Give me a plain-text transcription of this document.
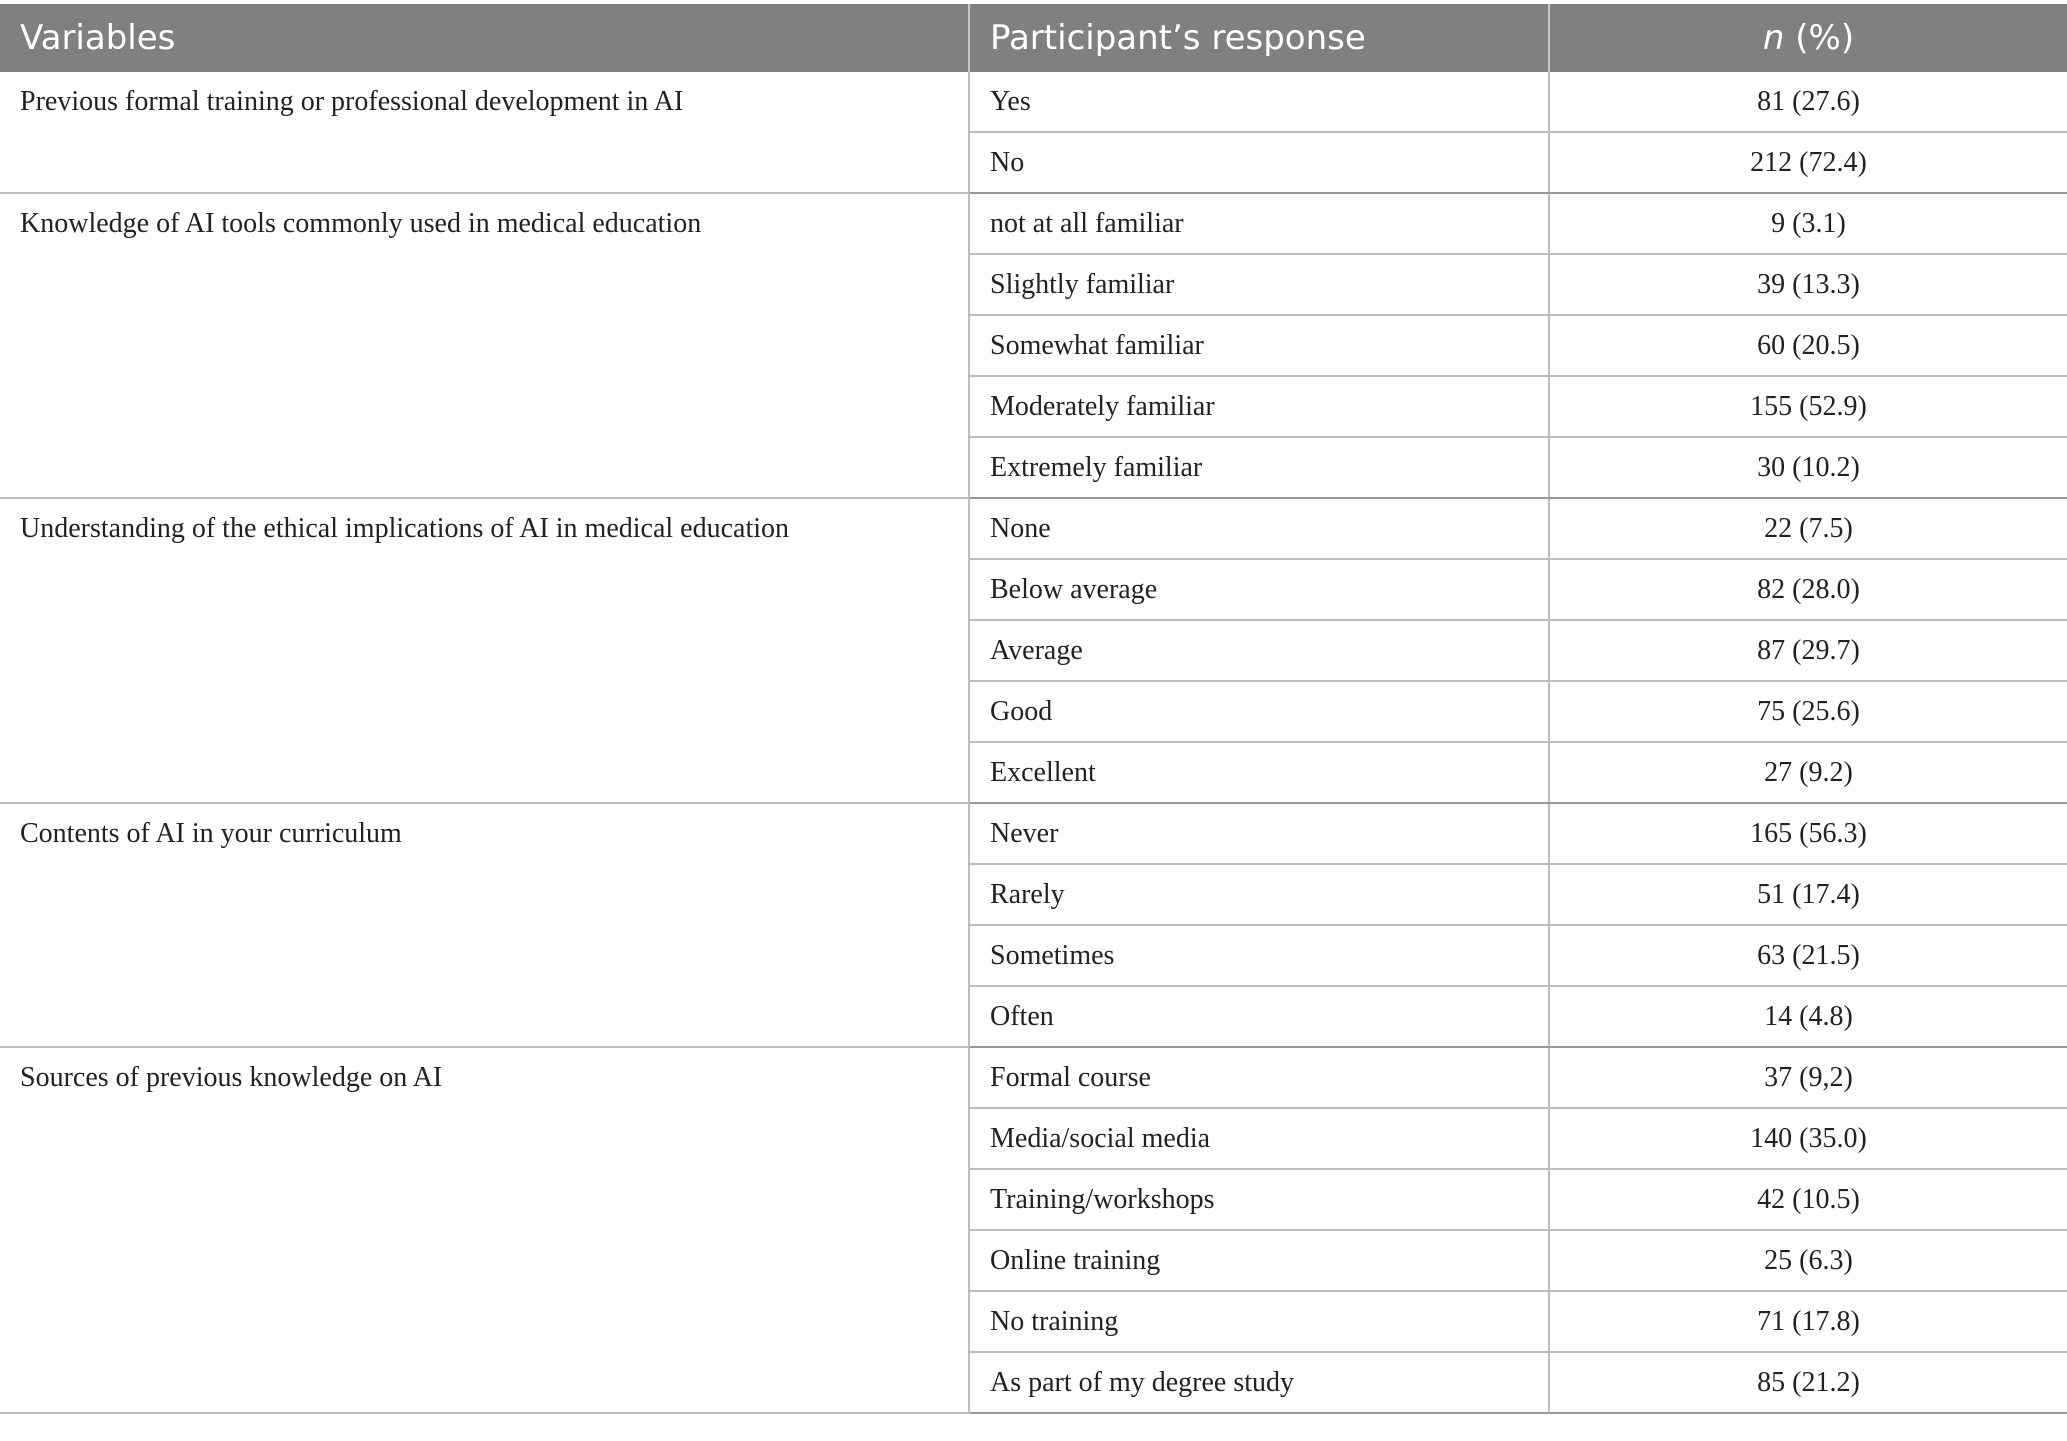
Variables	Participant’s response	n (%)
Previous formal training or professional development in AI	Yes	81 (27.6)
	No	212 (72.4)
Knowledge of AI tools commonly used in medical education	not at all familiar	9 (3.1)
	Slightly familiar	39 (13.3)
	Somewhat familiar	60 (20.5)
	Moderately familiar	155 (52.9)
	Extremely familiar	30 (10.2)
Understanding of the ethical implications of AI in medical education	None	22 (7.5)
	Below average	82 (28.0)
	Average	87 (29.7)
	Good	75 (25.6)
	Excellent	27 (9.2)
Contents of AI in your curriculum	Never	165 (56.3)
	Rarely	51 (17.4)
	Sometimes	63 (21.5)
	Often	14 (4.8)
Sources of previous knowledge on AI	Formal course	37 (9,2)
	Media/social media	140 (35.0)
	Training/workshops	42 (10.5)
	Online training	25 (6.3)
	No training	71 (17.8)
	As part of my degree study	85 (21.2)
